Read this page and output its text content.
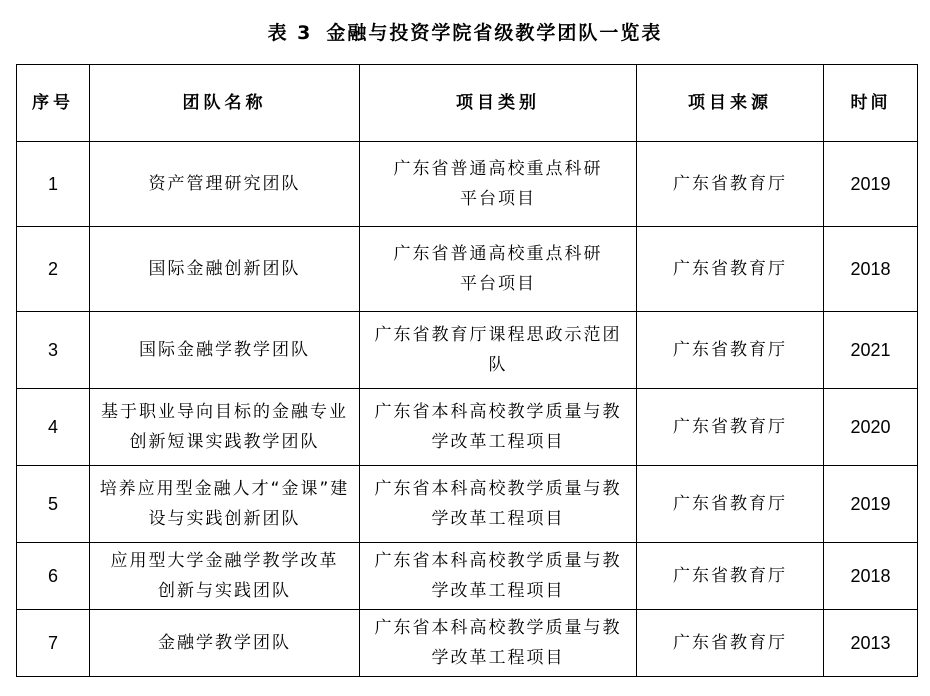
表 3 金融与投资学院省级教学团队一览表
序号	团队名称	项目类别	项目来源	时间
1	资产管理研究团队	广东省普通高校重点科研平台项目	广东省教育厅	2019
2	国际金融创新团队	广东省普通高校重点科研平台项目	广东省教育厅	2018
3	国际金融学教学团队	广东省教育厅课程思政示范团队	广东省教育厅	2021
4	基于职业导向目标的金融专业创新短课实践教学团队	广东省本科高校教学质量与教学改革工程项目	广东省教育厅	2020
5	培养应用型金融人才“金课”建设与实践创新团队	广东省本科高校教学质量与教学改革工程项目	广东省教育厅	2019
6	应用型大学金融学教学改革创新与实践团队	广东省本科高校教学质量与教学改革工程项目	广东省教育厅	2018
7	金融学教学团队	广东省本科高校教学质量与教学改革工程项目	广东省教育厅	2013
